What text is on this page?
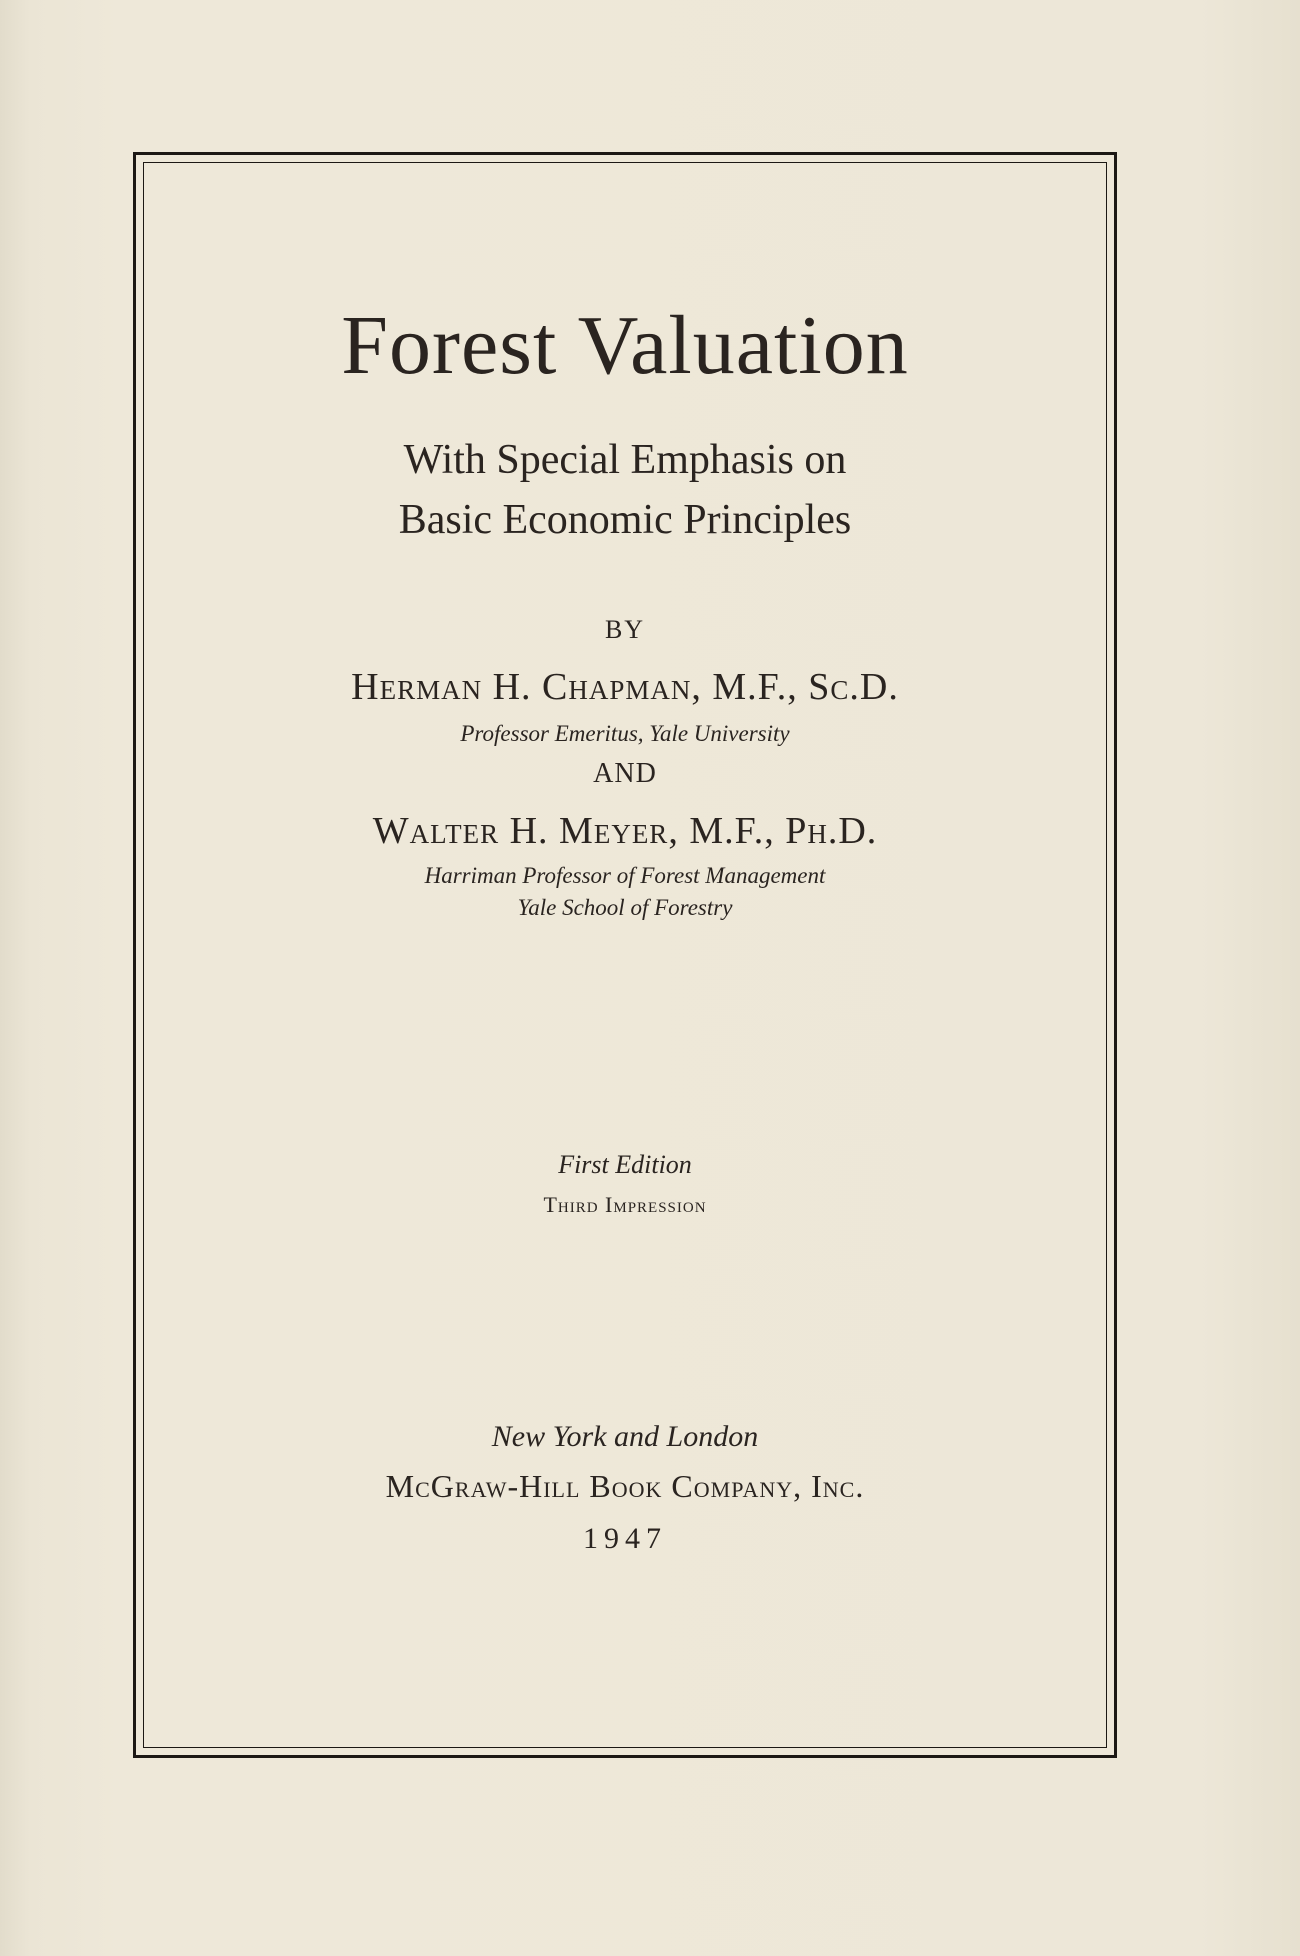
Forest Valuation
With Special Emphasis on
Basic Economic Principles
BY
Herman H. Chapman, M.F., Sc.D.
Professor Emeritus, Yale University
AND
Walter H. Meyer, M.F., Ph.D.
Harriman Professor of Forest Management
Yale School of Forestry
First Edition
Third Impression
New York and London
McGraw-Hill Book Company, Inc.
1947
